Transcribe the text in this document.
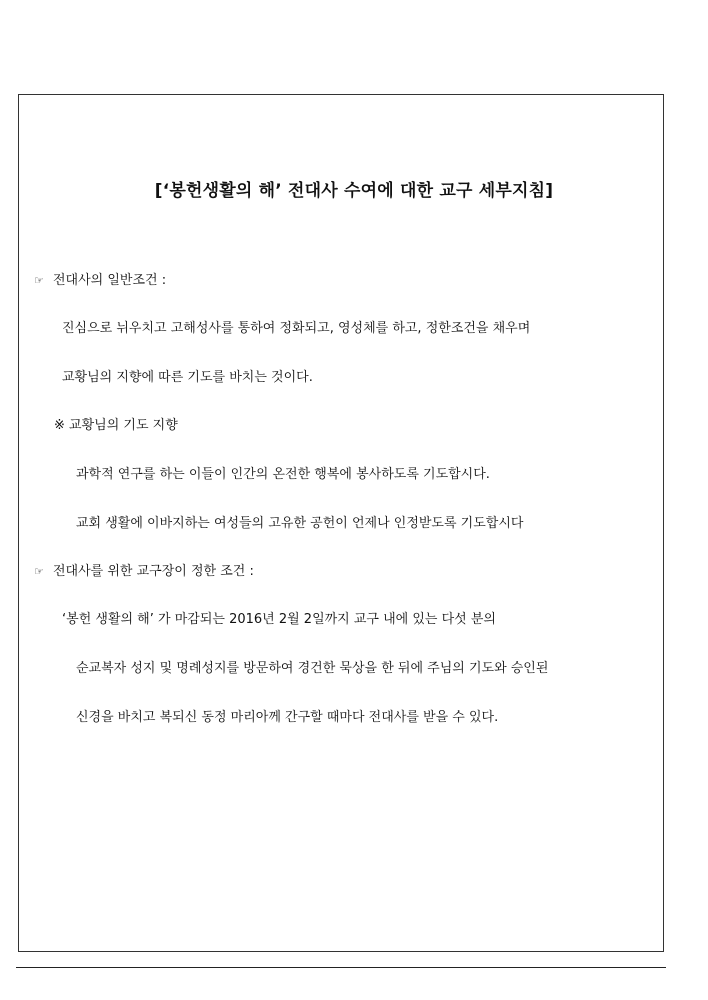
[‘봉헌생활의 해’ 전대사 수여에 대한 교구 세부지침]
☞ 전대사의 일반조건 :
진심으로 뉘우치고 고해성사를 통하여 정화되고, 영성체를 하고, 정한조건을 채우며
교황님의 지향에 따른 기도를 바치는 것이다.
※ 교황님의 기도 지향
과학적 연구를 하는 이들이 인간의 온전한 행복에 봉사하도록 기도합시다.
교회 생활에 이바지하는 여성들의 고유한 공헌이 언제나 인정받도록 기도합시다
☞ 전대사를 위한 교구장이 정한 조건 :
‘봉헌 생활의 해’ 가 마감되는 2016년 2월 2일까지 교구 내에 있는 다섯 분의
순교복자 성지 및 명례성지를 방문하여 경건한 묵상을 한 뒤에 주님의 기도와 승인된
신경을 바치고 복되신 동정 마리아께 간구할 때마다 전대사를 받을 수 있다.
